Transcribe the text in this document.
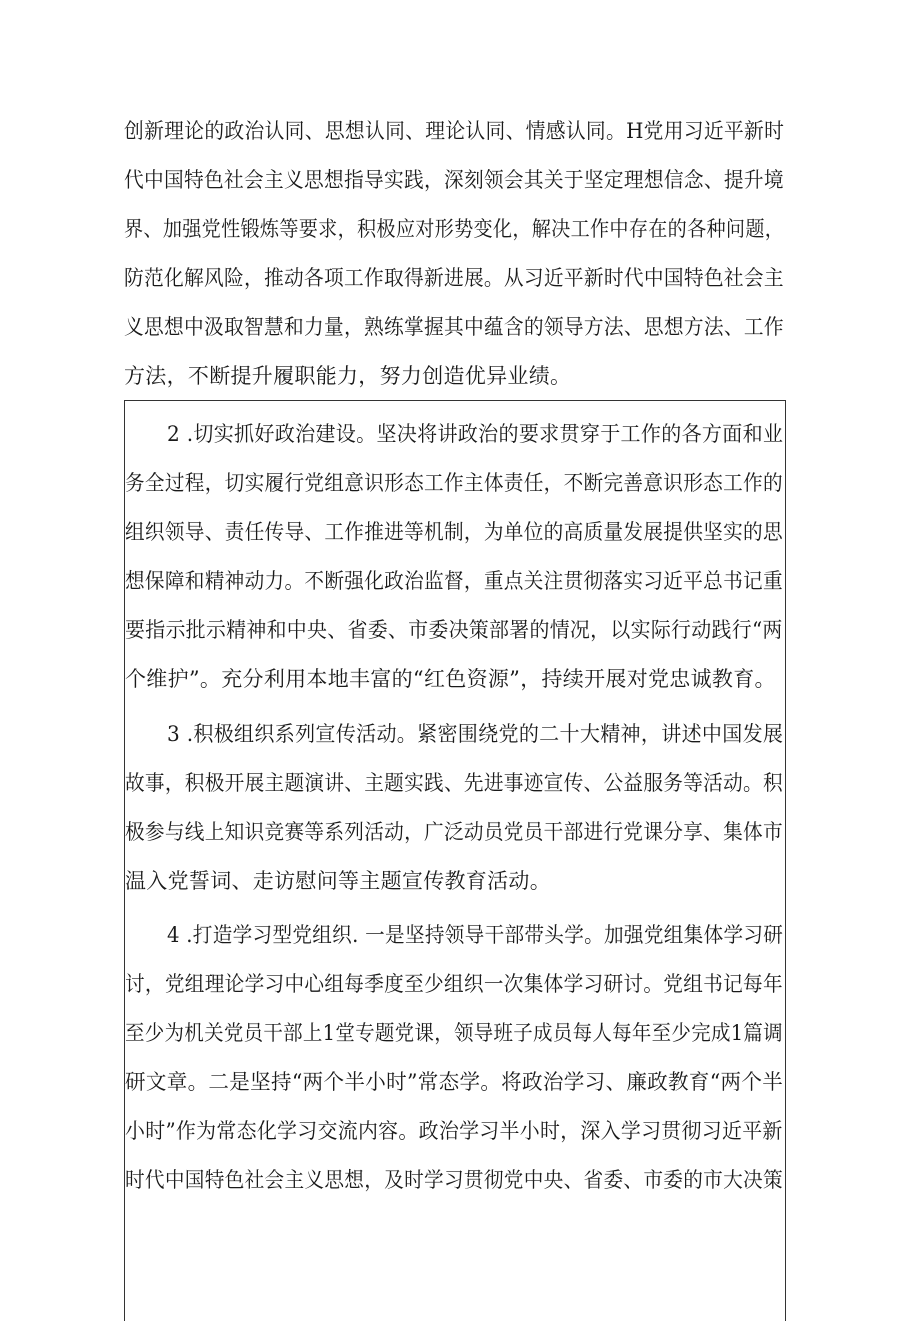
创新理论的政治认同、思想认同、理论认同、情感认同。H党用习近平新时
代中国特色社会主义思想指导实践，深刻领会其关于坚定理想信念、提升境
界、加强党性锻炼等要求，积极应对形势变化，解决工作中存在的各种问题，
防范化解风险，推动各项工作取得新进展。从习近平新时代中国特色社会主
义思想中汲取智慧和力量，熟练掌握其中蕴含的领导方法、思想方法、工作
方法，不断提升履职能力，努力创造优异业绩。
2 .切实抓好政治建设。坚决将讲政治的要求贯穿于工作的各方面和业
务全过程，切实履行党组意识形态工作主体责任，不断完善意识形态工作的
组织领导、责任传导、工作推进等机制，为单位的高质量发展提供坚实的思
想保障和精神动力。不断强化政治监督，重点关注贯彻落实习近平总书记重
要指示批示精神和中央、省委、市委决策部署的情况，以实际行动践行“两
个维护”。充分利用本地丰富的“红色资源”，持续开展对党忠诚教育。
3 .积极组织系列宣传活动。紧密围绕党的二十大精神，讲述中国发展
故事，积极开展主题演讲、主题实践、先进事迹宣传、公益服务等活动。积
极参与线上知识竞赛等系列活动，广泛动员党员干部进行党课分享、集体市
温入党誓词、走访慰问等主题宣传教育活动。
4 .打造学习型党组织. 一是坚持领导干部带头学。加强党组集体学习研
讨，党组理论学习中心组每季度至少组织一次集体学习研讨。党组书记每年
至少为机关党员干部上1堂专题党课，领导班子成员每人每年至少完成1篇调
研文章。二是坚持“两个半小时”常态学。将政治学习、廉政教育“两个半
小时”作为常态化学习交流内容。政治学习半小时，深入学习贯彻习近平新
时代中国特色社会主义思想，及时学习贯彻党中央、省委、市委的市大决策
